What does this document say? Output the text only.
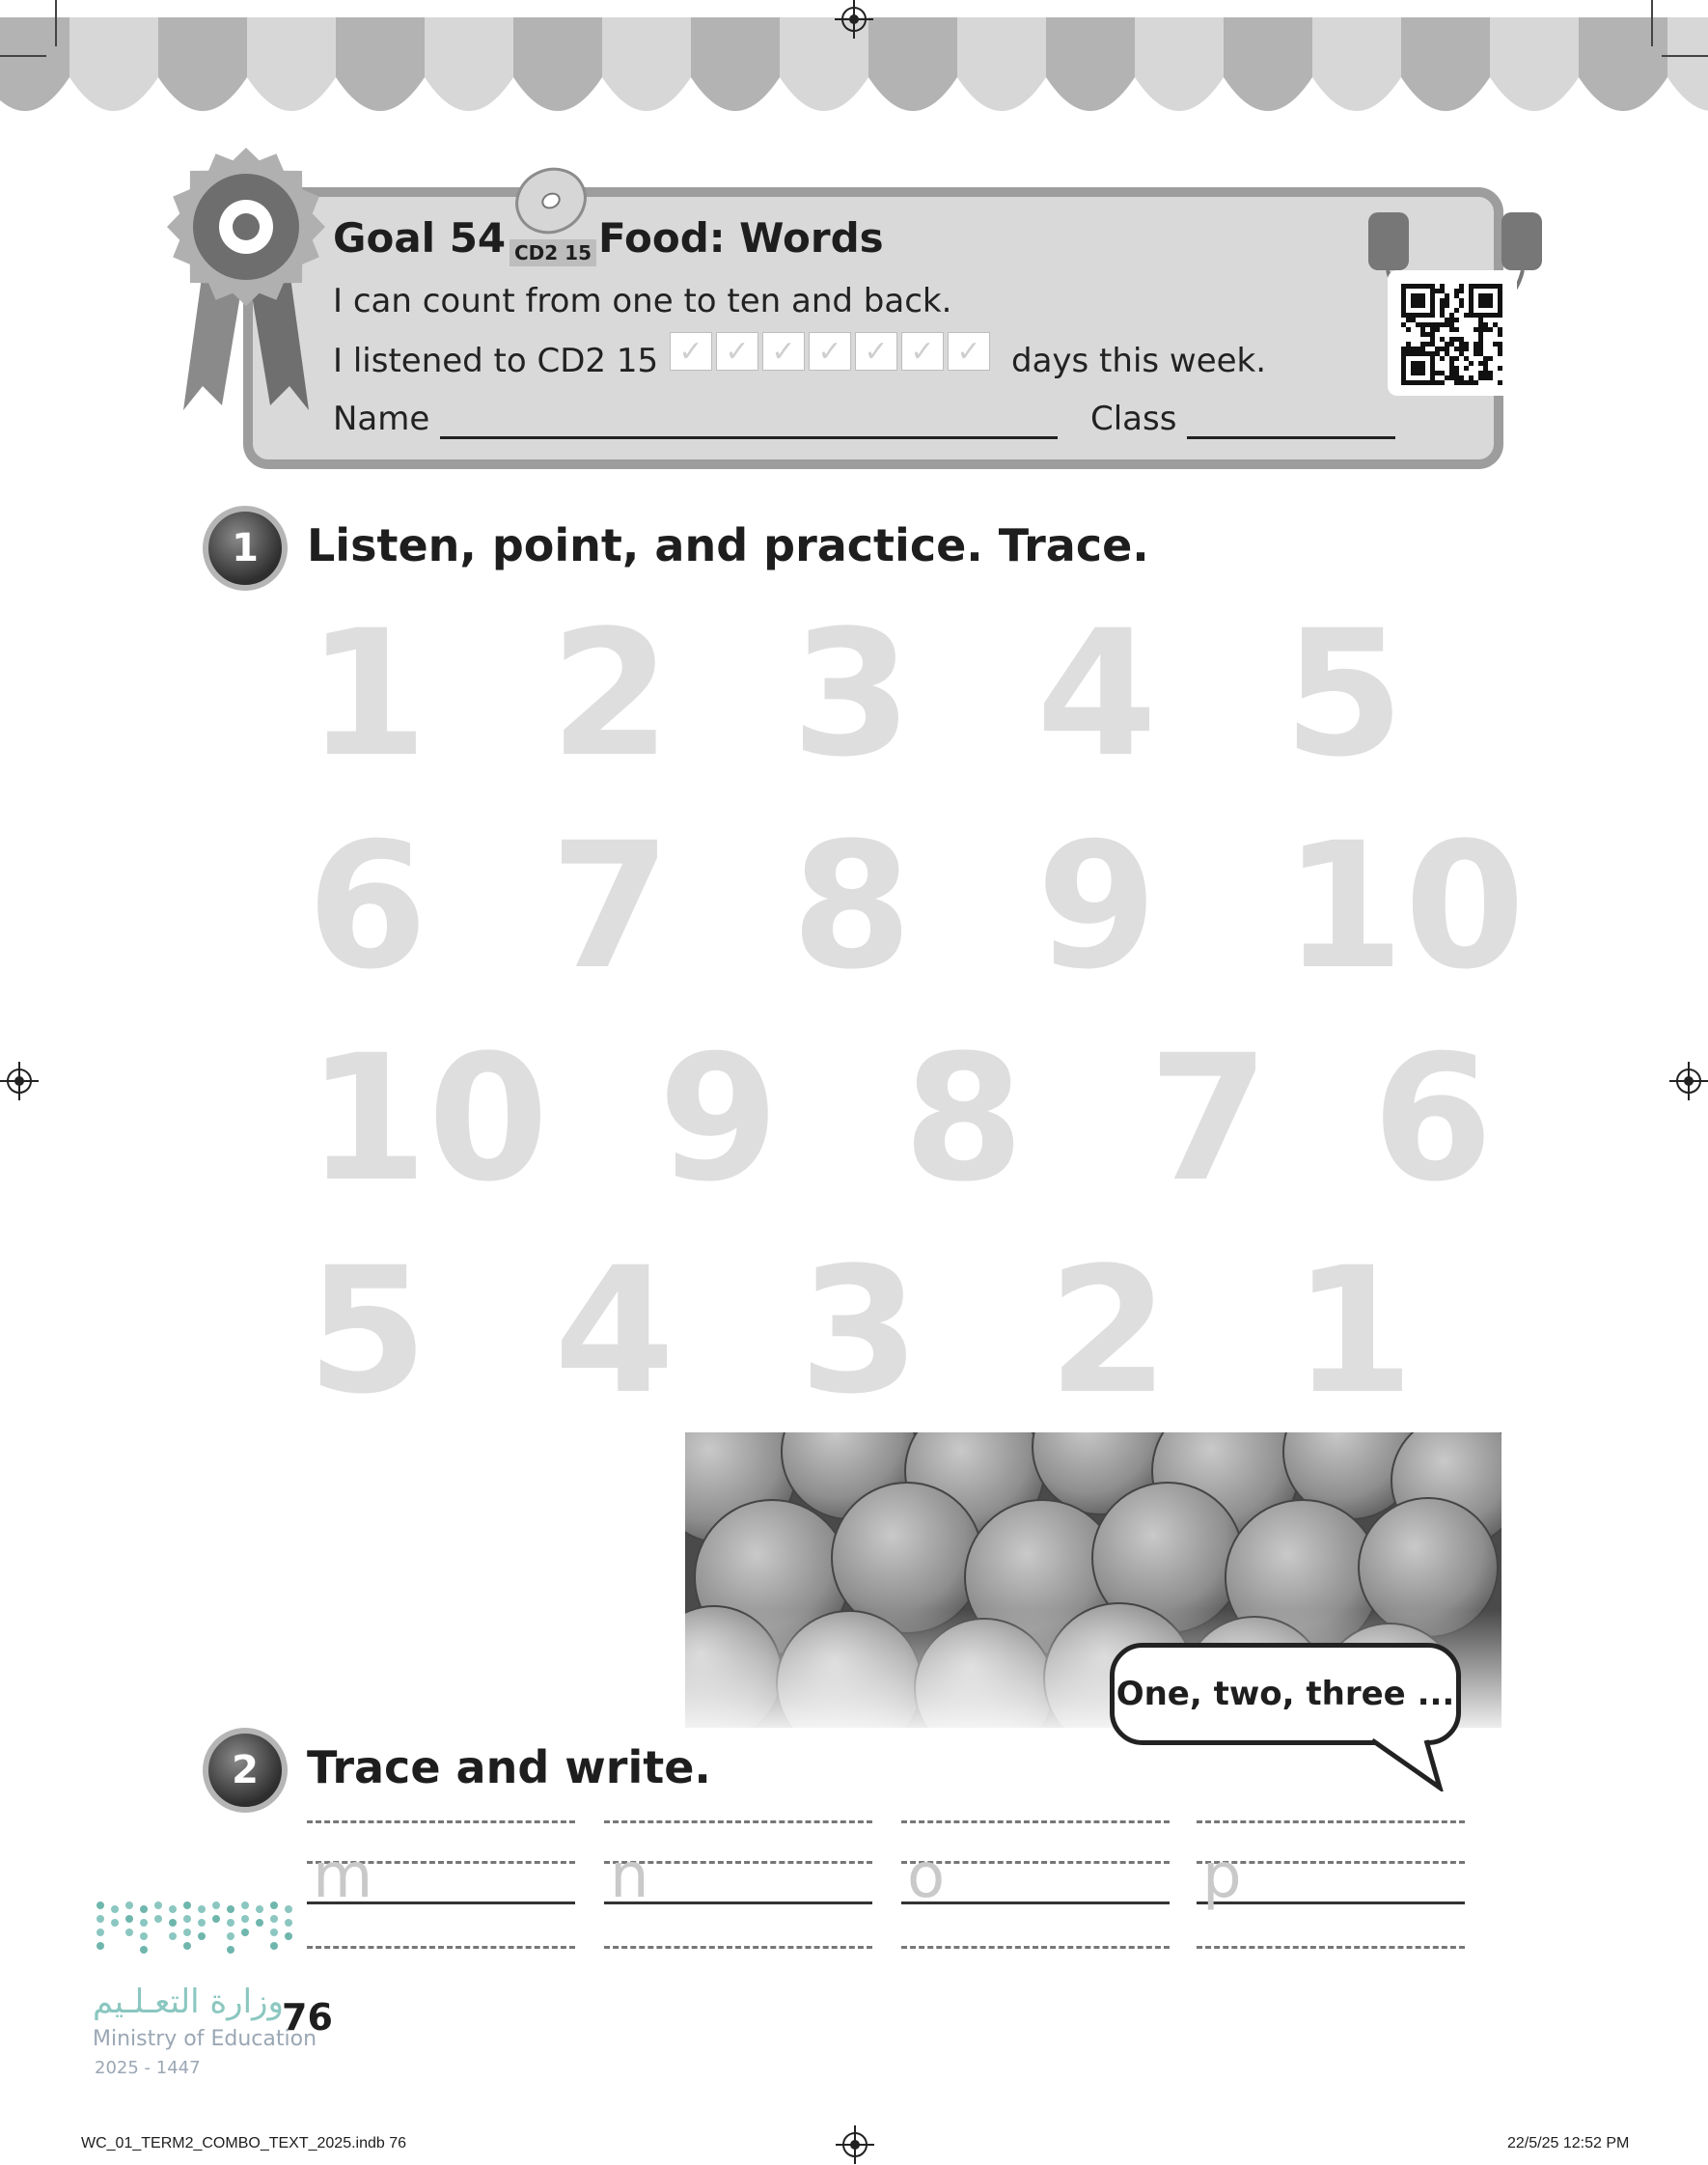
Goal 54 CD2 15 Food: Words
I can count from one to ten and back.
I listened to CD2 15 ✓ ✓ ✓ ✓ ✓ ✓ ✓ days this week.
Name	Class
1	Listen, point, and practice. Trace.
1 2 3 4 5
6 7 8 9 10
10 9 8 7 6
5 4 3 2 1
One, two, three ...
2	Trace and write.
m	n	o	p
وزارة التعـلـيم
76
Ministry of Education
2025 - 1447
WC_01_TERM2_COMBO_TEXT_2025.indb 76	22/5/25 12:52 PM
